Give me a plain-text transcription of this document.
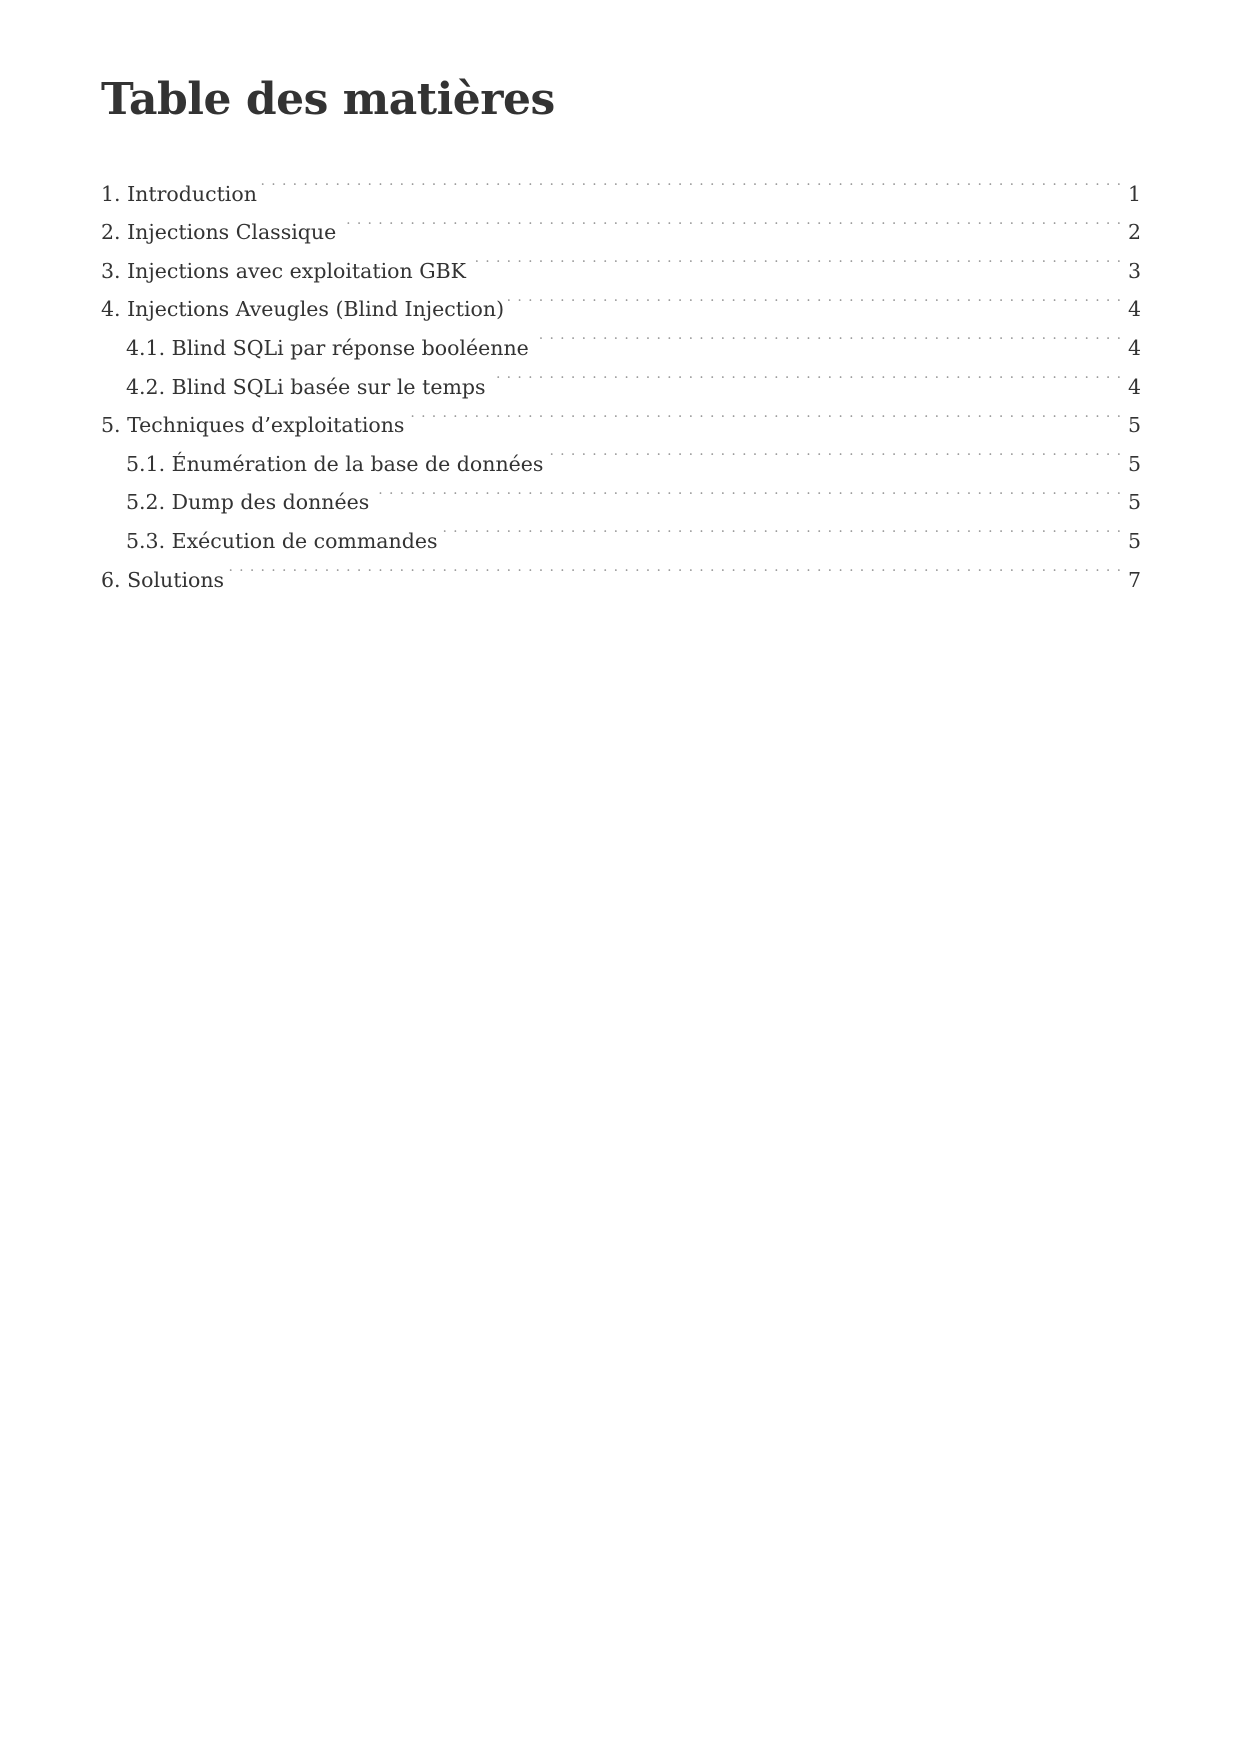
Table des matières
1. Introduction . . .	1
2. Injections Classique . . .	2
3. Injections avec exploitation GBK . . .	3
4. Injections Aveugles (Blind Injection) . . .	4
4.1. Blind SQLi par réponse booléenne . . .	4
4.2. Blind SQLi basée sur le temps . . .	4
5. Techniques d’exploitations . . .	5
5.1. Énumération de la base de données . . .	5
5.2. Dump des données . . .	5
5.3. Exécution de commandes . . .	5
6. Solutions . . .	7
